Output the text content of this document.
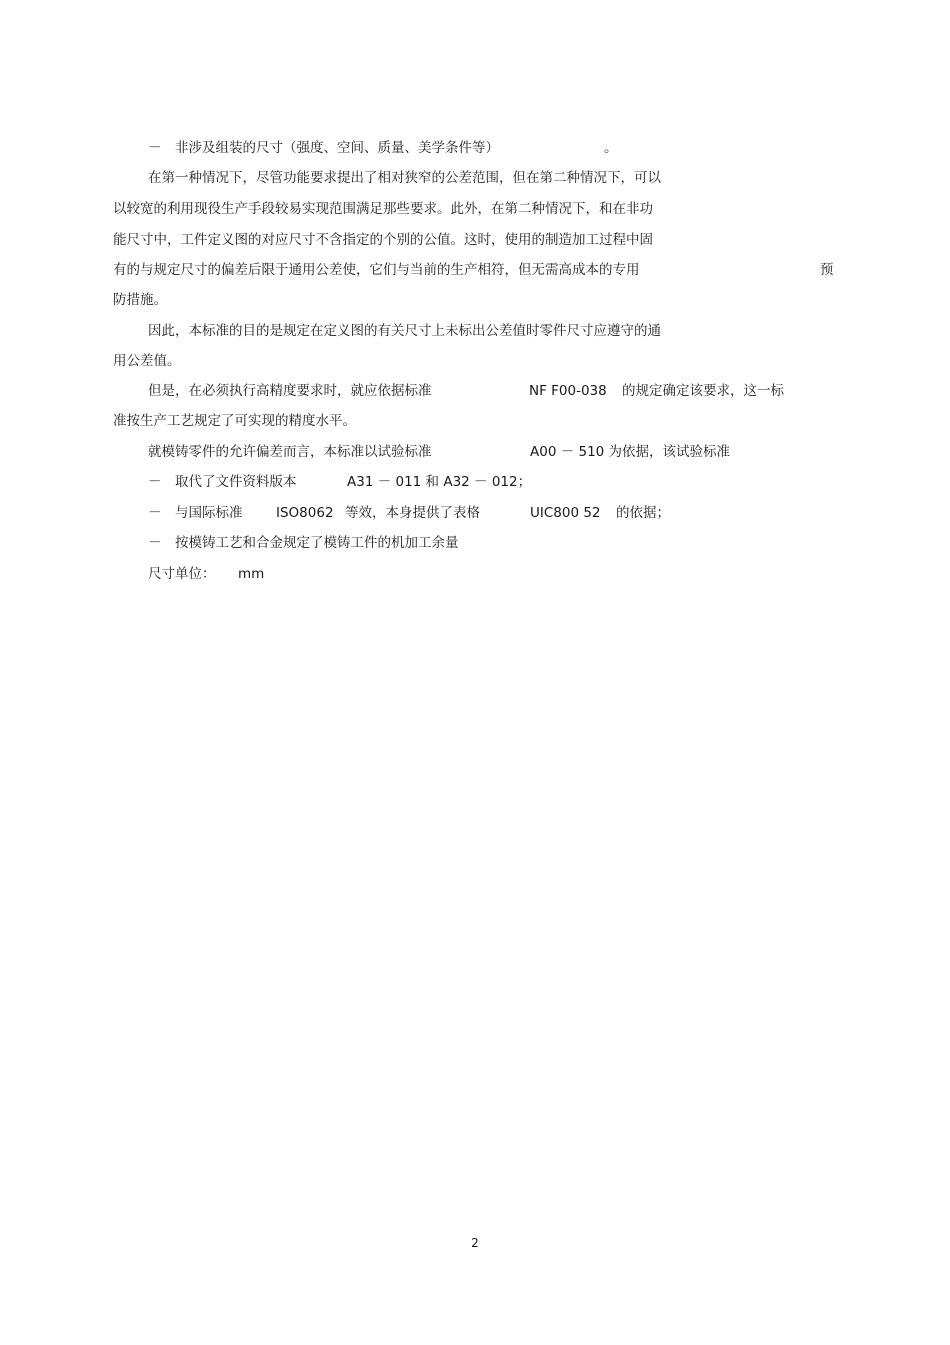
－　非涉及组装的尺寸（强度、空间、质量、美学条件等）	。
在第一种情况下，尽管功能要求提出了相对狭窄的公差范围，但在第二种情况下，可以
以较宽的利用现役生产手段较易实现范围满足那些要求。此外，在第二种情况下，和在非功
能尺寸中，工件定义图的对应尺寸不含指定的个别的公值。这时，使用的制造加工过程中固
有的与规定尺寸的偏差后限于通用公差使，它们与当前的生产相符，但无需高成本的专用	预
防措施。
因此，本标准的目的是规定在定义图的有关尺寸上未标出公差值时零件尺寸应遵守的通
用公差值。
但是，在必须执行高精度要求时，就应依据标准	NF F00-038 的规定确定该要求，这一标
准按生产工艺规定了可实现的精度水平。
就模铸零件的允许偏差而言，本标准以试验标准	A00 － 510 为依据，该试验标准
－　取代了文件资料版本	A31 － 011 和 A32 － 012；
－　与国际标准 ISO8062 等效，本身提供了表格	UIC800 52 的依据；
－　按模铸工艺和合金规定了模铸工件的机加工余量
尺寸单位： mm
2
